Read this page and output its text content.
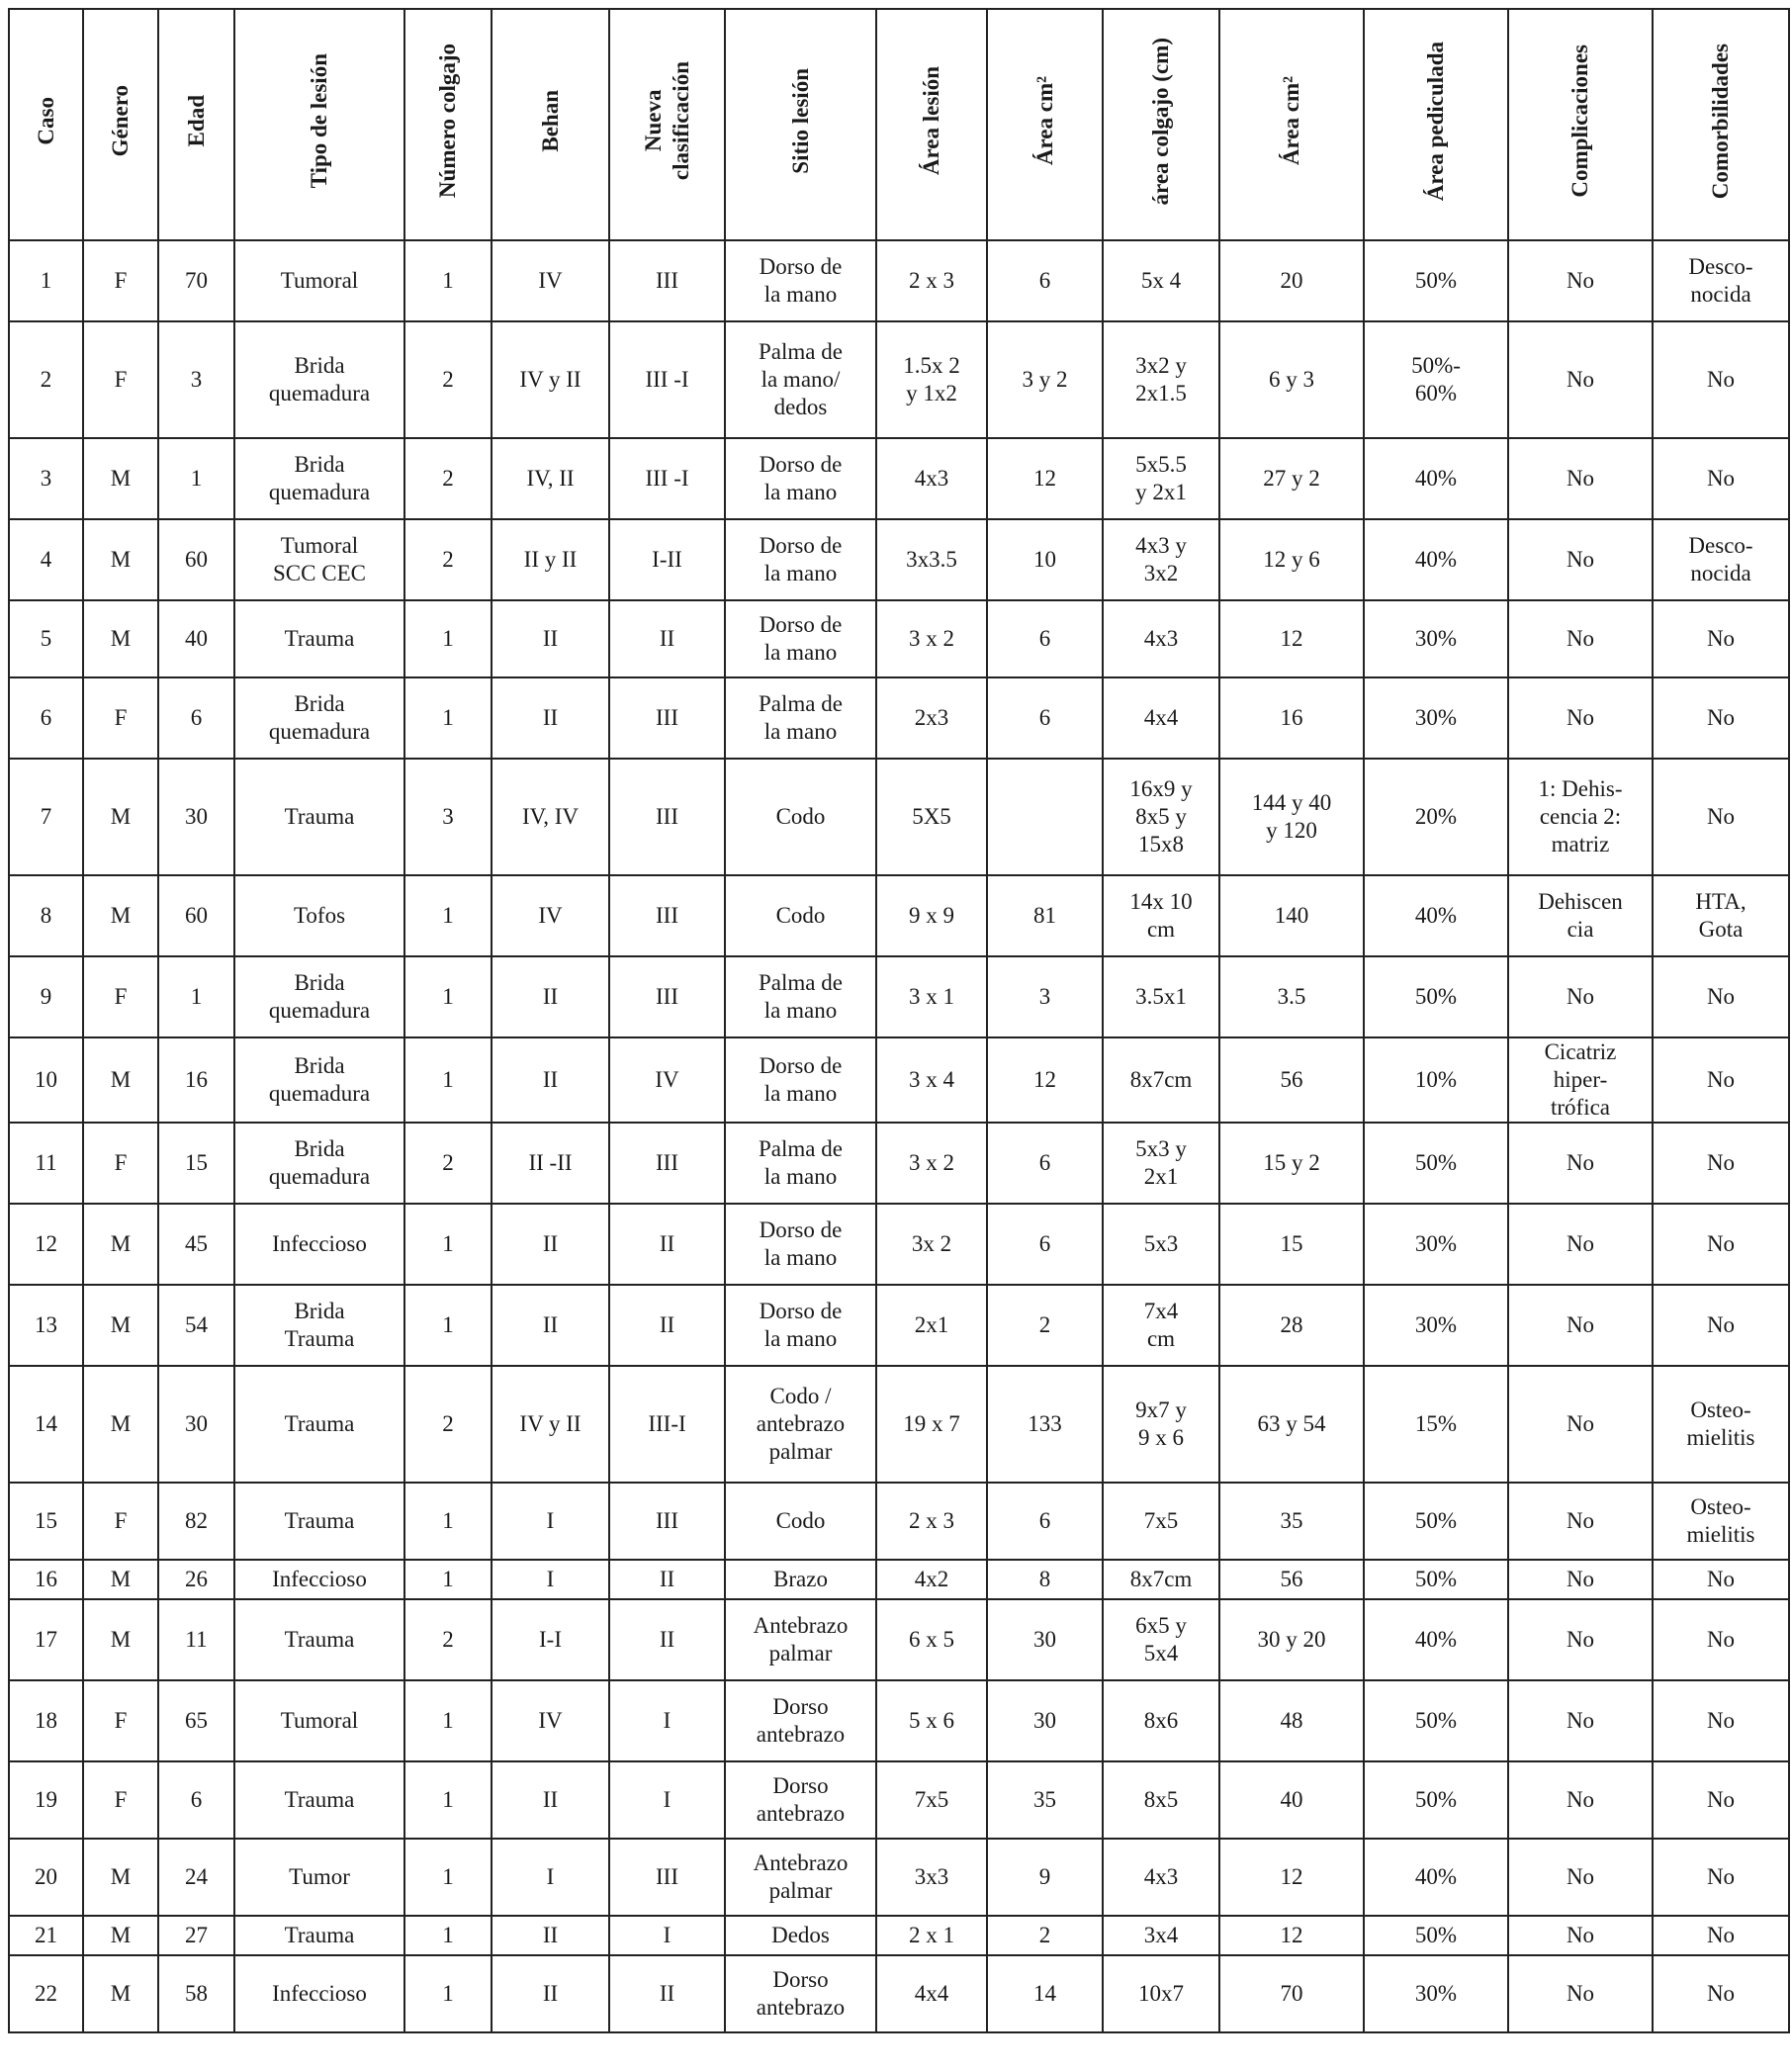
Caso	Género	Edad	Tipo de lesión	Número colgajo	Behan	Nueva
clasificación	Sitio lesión	Área lesión	Área cm²	área colgajo (cm)	Área cm²	Área pediculada	Complicaciones	Comorbilidades
1	F	70	Tumoral	1	IV	III	Dorso de
la mano	2 x 3	6	5x 4	20	50%	No	Desco-
nocida
2	F	3	Brida
quemadura	2	IV y II	III -I	Palma de
la mano/
dedos	1.5x 2
y 1x2	3 y 2	3x2 y
2x1.5	6 y 3	50%-
60%	No	No
3	M	1	Brida
quemadura	2	IV, II	III -I	Dorso de
la mano	4x3	12	5x5.5
y 2x1	27 y 2	40%	No	No
4	M	60	Tumoral
SCC CEC	2	II y II	I-II	Dorso de
la mano	3x3.5	10	4x3 y
3x2	12 y 6	40%	No	Desco-
nocida
5	M	40	Trauma	1	II	II	Dorso de
la mano	3 x 2	6	4x3	12	30%	No	No
6	F	6	Brida
quemadura	1	II	III	Palma de
la mano	2x3	6	4x4	16	30%	No	No
7	M	30	Trauma	3	IV, IV	III	Codo	5X5		16x9 y
8x5 y
15x8	144 y 40
y 120	20%	1: Dehis-
cencia 2:
matriz	No
8	M	60	Tofos	1	IV	III	Codo	9 x 9	81	14x 10
cm	140	40%	Dehiscen
cia	HTA,
Gota
9	F	1	Brida
quemadura	1	II	III	Palma de
la mano	3 x 1	3	3.5x1	3.5	50%	No	No
10	M	16	Brida
quemadura	1	II	IV	Dorso de
la mano	3 x 4	12	8x7cm	56	10%	Cicatriz
hiper-
trófica	No
11	F	15	Brida
quemadura	2	II -II	III	Palma de
la mano	3 x 2	6	5x3 y
2x1	15 y 2	50%	No	No
12	M	45	Infeccioso	1	II	II	Dorso de
la mano	3x 2	6	5x3	15	30%	No	No
13	M	54	Brida
Trauma	1	II	II	Dorso de
la mano	2x1	2	7x4
cm	28	30%	No	No
14	M	30	Trauma	2	IV y II	III-I	Codo /
antebrazo
palmar	19 x 7	133	9x7 y
9 x 6	63 y 54	15%	No	Osteo-
mielitis
15	F	82	Trauma	1	I	III	Codo	2 x 3	6	7x5	35	50%	No	Osteo-
mielitis
16	M	26	Infeccioso	1	I	II	Brazo	4x2	8	8x7cm	56	50%	No	No
17	M	11	Trauma	2	I-I	II	Antebrazo
palmar	6 x 5	30	6x5 y
5x4	30 y 20	40%	No	No
18	F	65	Tumoral	1	IV	I	Dorso
antebrazo	5 x 6	30	8x6	48	50%	No	No
19	F	6	Trauma	1	II	I	Dorso
antebrazo	7x5	35	8x5	40	50%	No	No
20	M	24	Tumor	1	I	III	Antebrazo
palmar	3x3	9	4x3	12	40%	No	No
21	M	27	Trauma	1	II	I	Dedos	2 x 1	2	3x4	12	50%	No	No
22	M	58	Infeccioso	1	II	II	Dorso
antebrazo	4x4	14	10x7	70	30%	No	No
